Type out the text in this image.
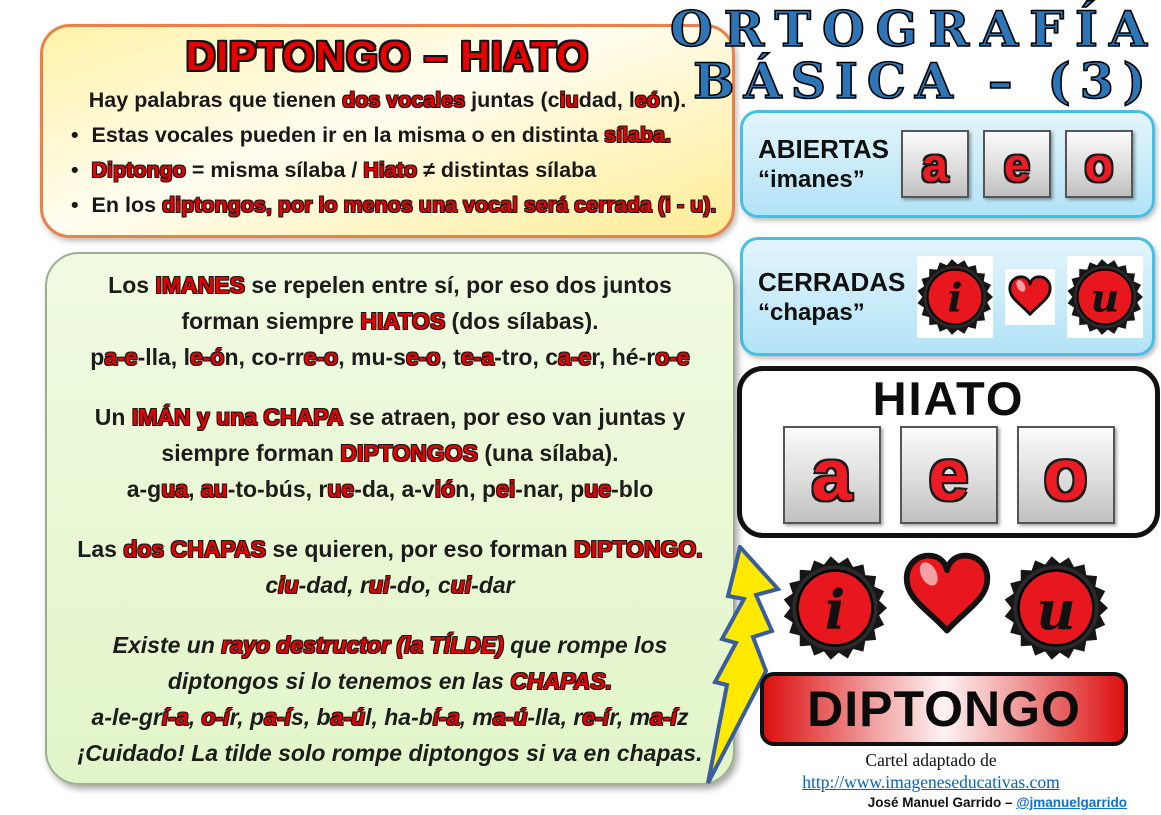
DIPTONGO – HIATO

Hay palabras que tienen dos vocales juntas (ciudad, león).

• Estas vocales pueden ir en la misma o en distinta sílaba.
• Diptongo = misma sílaba / Hiato ≠ distintas sílaba
• En los diptongos, por lo menos una vocal será cerrada (i - u).
ORTOGRAFÍA
BÁSICA – (3)
ABIERTAS
“imanes”	a e o
CERRADAS
“chapas”	i u
Los IMANES se repelen entre sí, por eso dos juntos
forman siempre HIATOS (dos sílabas).
pa-e-lla, le-ón, co-rre-o, mu-se-o, te-a-tro, ca-er, hé-ro-e
Un IMÁN y una CHAPA se atraen, por eso van juntas y
siempre forman DIPTONGOS (una sílaba).
a-gua, au-to-bús, rue-da, a-vión, pei-nar, pue-blo
Las dos CHAPAS se quieren, por eso forman DIPTONGO.
ciu-dad, rui-do, cui-dar
Existe un rayo destructor (la TÍLDE) que rompe los
diptongos si lo tenemos en las CHAPAS.
a-le-grí-a, o-ír, pa-ís, ba-úl, ha-bí-a, ma-ú-lla, re-ír, ma-íz
¡Cuidado! La tilde solo rompe diptongos si va en chapas.
HIATO
a e o
i	u
DIPTONGO
Cartel adaptado de http://www.imageneseducativas.com
José Manuel Garrido – @jmanuelgarrido
